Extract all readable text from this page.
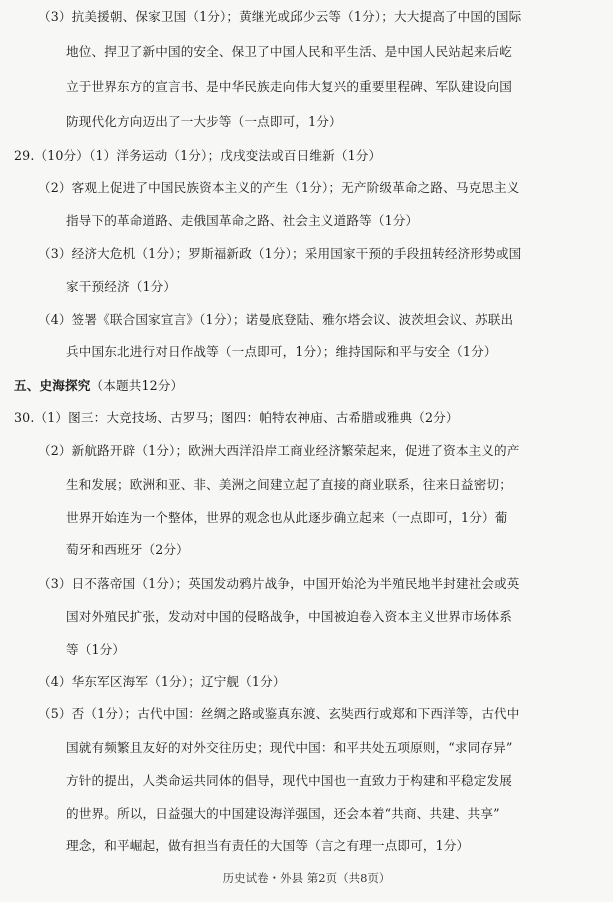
（3）抗美援朝、保家卫国（1分）；黄继光或邱少云等（1分）；大大提高了中国的国际
地位、捍卫了新中国的安全、保卫了中国人民和平生活、是中国人民站起来后屹
立于世界东方的宣言书、是中华民族走向伟大复兴的重要里程碑、军队建设向国
防现代化方向迈出了一大步等（一点即可，1分）
29.（10分）（1）洋务运动（1分）；戊戌变法或百日维新（1分）
（2）客观上促进了中国民族资本主义的产生（1分）；无产阶级革命之路、马克思主义
指导下的革命道路、走俄国革命之路、社会主义道路等（1分）
（3）经济大危机（1分）；罗斯福新政（1分）；采用国家干预的手段扭转经济形势或国
家干预经济（1分）
（4）签署《联合国家宣言》（1分）；诺曼底登陆、雅尔塔会议、波茨坦会议、苏联出
兵中国东北进行对日作战等（一点即可，1分）；维持国际和平与安全（1分）
五、史海探究（本题共12分）
30.（1）图三：大竞技场、古罗马；图四：帕特农神庙、古希腊或雅典（2分）
（2）新航路开辟（1分）；欧洲大西洋沿岸工商业经济繁荣起来，促进了资本主义的产
生和发展；欧洲和亚、非、美洲之间建立起了直接的商业联系，往来日益密切；
世界开始连为一个整体，世界的观念也从此逐步确立起来（一点即可，1分）葡
萄牙和西班牙（2分）
（3）日不落帝国（1分）；英国发动鸦片战争，中国开始沦为半殖民地半封建社会或英
国对外殖民扩张，发动对中国的侵略战争，中国被迫卷入资本主义世界市场体系
等（1分）
（4）华东军区海军（1分）；辽宁舰（1分）
（5）否（1分）；古代中国：丝绸之路或鉴真东渡、玄奘西行或郑和下西洋等，古代中
国就有频繁且友好的对外交往历史；现代中国：和平共处五项原则，“求同存异”
方针的提出，人类命运共同体的倡导，现代中国也一直致力于构建和平稳定发展
的世界。所以，日益强大的中国建设海洋强国，还会本着“共商、共建、共享”
理念，和平崛起，做有担当有责任的大国等（言之有理一点即可，1分）
历史试卷・外县 第2页（共8页）
